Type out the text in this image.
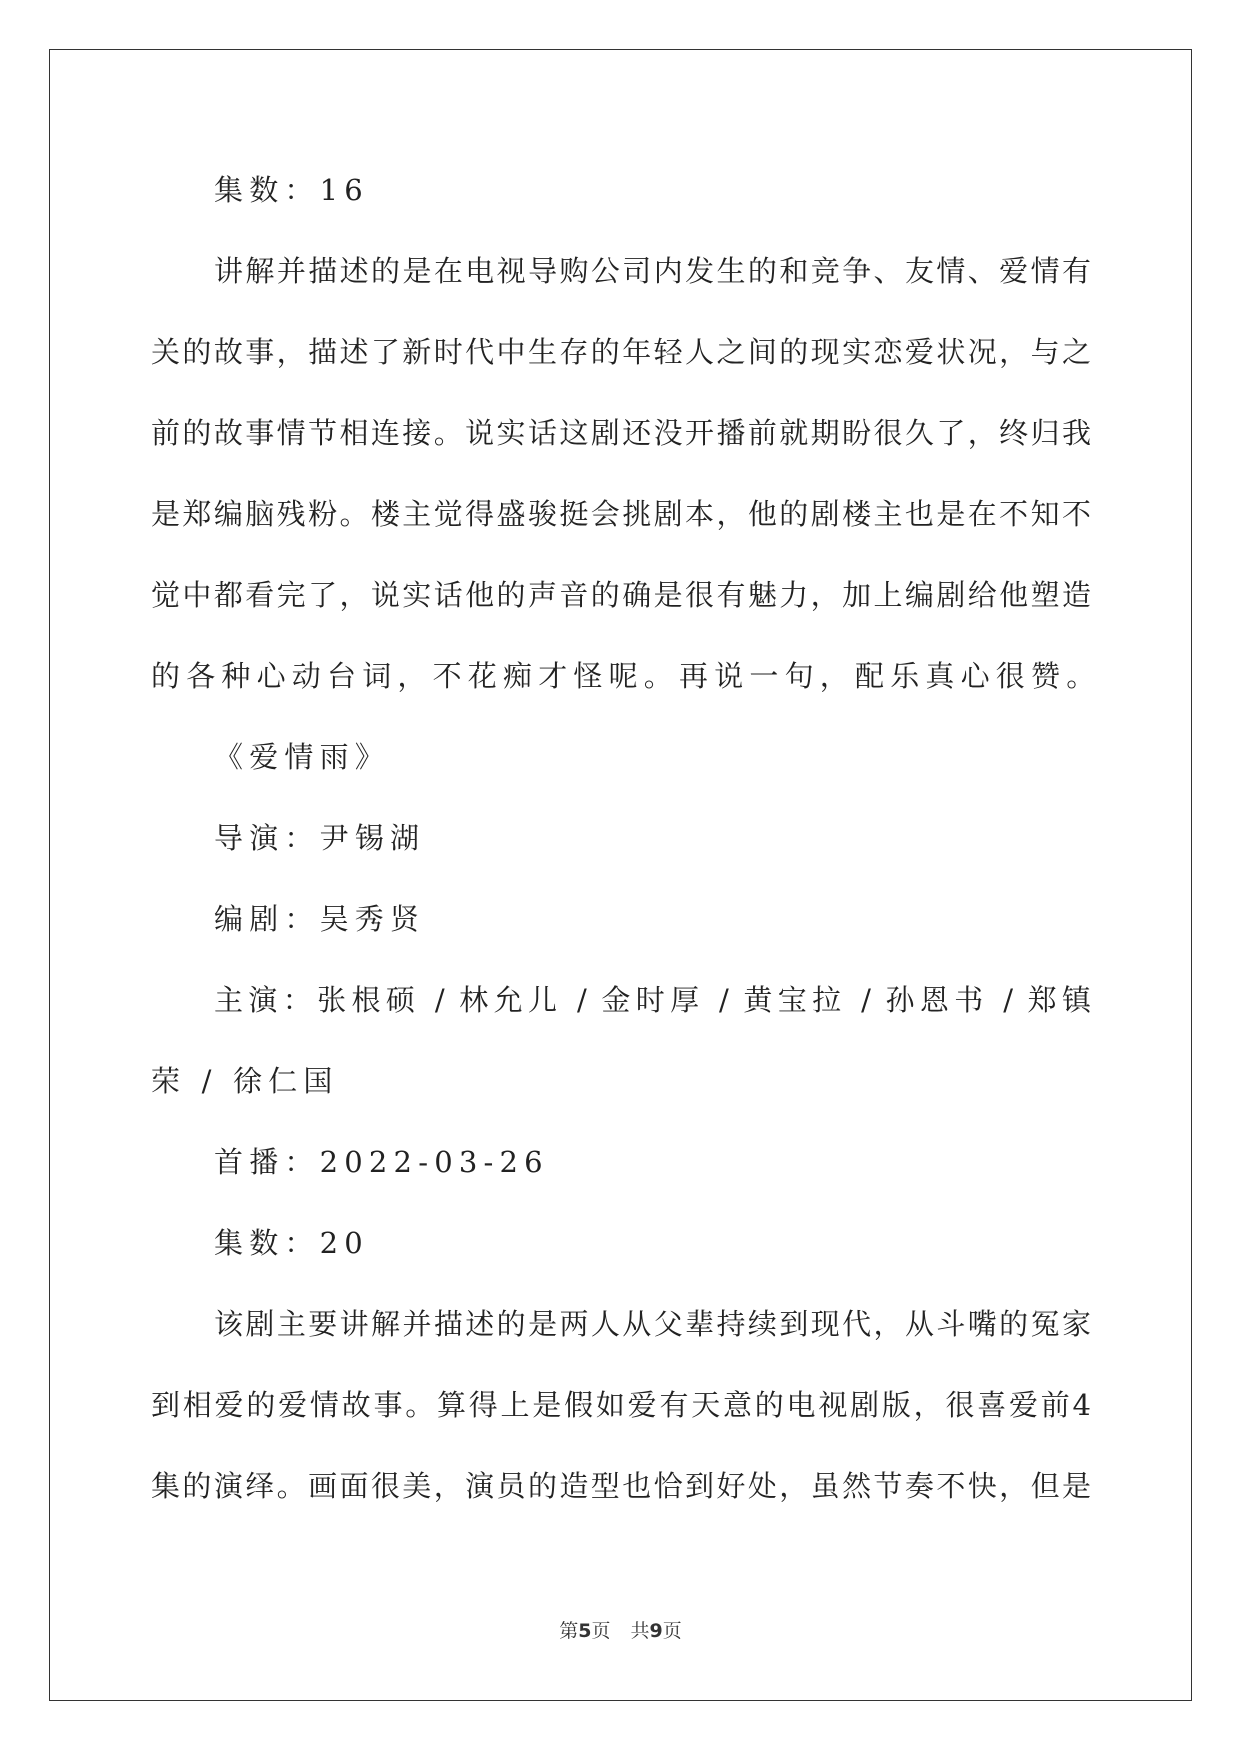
集数：16

讲解并描述的是在电视导购公司内发生的和竞争、友情、爱情有

关的故事，描述了新时代中生存的年轻人之间的现实恋爱状况，与之

前的故事情节相连接。说实话这剧还没开播前就期盼很久了，终归我

是郑编脑残粉。楼主觉得盛骏挺会挑剧本，他的剧楼主也是在不知不

觉中都看完了，说实话他的声音的确是很有魅力，加上编剧给他塑造

的各种心动台词，不花痴才怪呢。再说一句，配乐真心很赞。

《爱情雨》

导演：尹锡湖

编剧：吴秀贤

主演：张根硕 / 林允儿 / 金时厚 / 黄宝拉 / 孙恩书 / 郑镇

荣 / 徐仁国

首播：2022-03-26

集数：20

该剧主要讲解并描述的是两人从父辈持续到现代，从斗嘴的冤家

到相爱的爱情故事。算得上是假如爱有天意的电视剧版，很喜爱前4

集的演绎。画面很美，演员的造型也恰到好处，虽然节奏不快，但是

第5页 共9页
